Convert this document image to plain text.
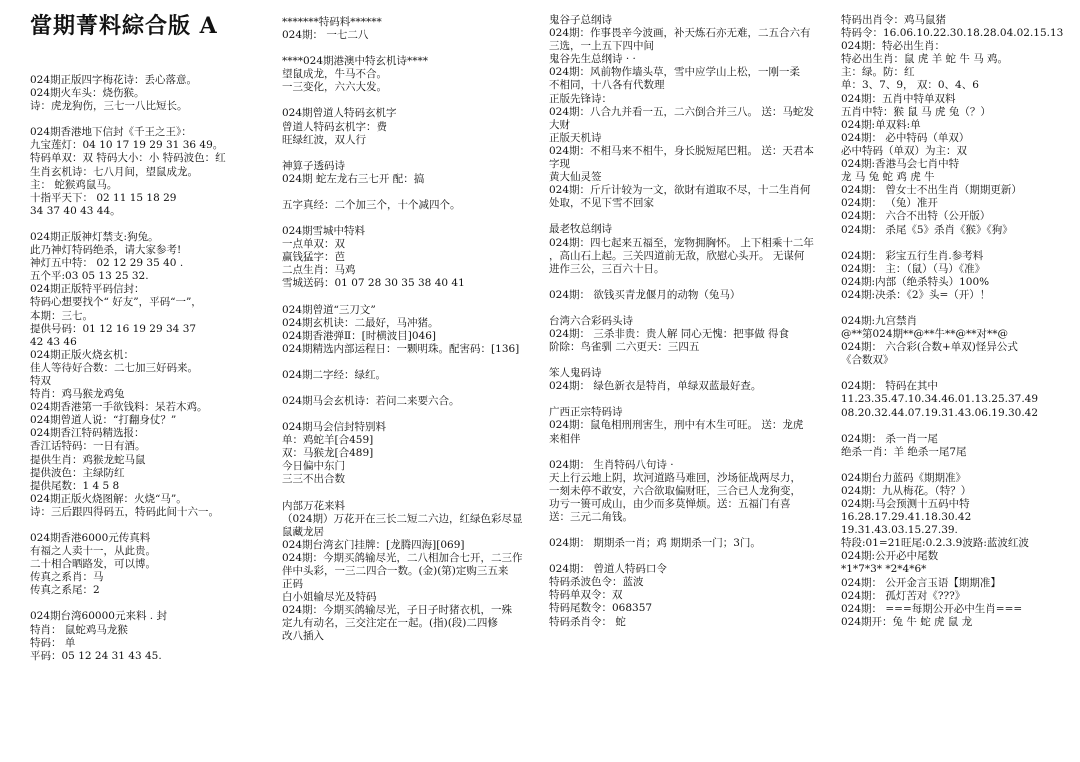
當期菁料綜合版 A
024期正版四字梅花诗：丢心落意。
024期火车头：烧伤猴。
诗：虎龙狗伤，三七一八比短长。
024期香港地下信封《千王之王》：
九宝莲灯：04 10 17 19 29 31 36 49。
特码单双：双 特码大小：小 特码波色：红
生肖玄机诗：七八月间，望鼠成龙。
主： 蛇猴鸡鼠马。
十指平天下： 02 11 15 18 29
34 37 40 43 44。
024期正版神灯禁支:狗兔。
此乃神灯特码绝杀，请大家参考!
神灯五中特： 02 12 29 35 40 .
五个平:03 05 13 25 32.
024期正版特平码信封：
特码心想要找个“ 好友”，平码“一”，
本期：三七。
提供号码：01 12 16 19 29 34 37
42 43 46
024期正版火烧玄机：
佳人等待好合数：二七加三好码来。
特双
特肖：鸡马猴龙鸡兔
024期香港第一手欲钱料：呆若木鸡。
024期曾道人说：“打翻身仗？”
024期香江特码精选报：
香江话特码：一日有酒。
提供生肖：鸡猴龙蛇马鼠
提供波色：主绿防红
提供尾数：1 4 5 8
024期正版火烧图解：火烧“马”。
诗：三后跟四得码五，特码此间十六一。
024期香港6000元传真料
有福之人卖十一，从此贵。
二十相合晒路发，可以博。
传真之系肖：马
传真之系尾：2
024期台湾60000元来料 . 封
特肖： 鼠蛇鸡马龙猴
特码： 单
平码：05 12 24 31 43 45.
*******特码料******
024期： 一七二八
****024期港澳中特玄机诗****
望鼠成龙，牛马不合。
一三变化，六六大发。
024期曾道人特码玄机字
曾道人特码玄机字：费
旺绿红波，双人行
神算子透码诗
024期 蛇左龙右三七开 配：搞
五字真经：二个加三个，十个减四个。
024期雪城中特料
一点单双：双
赢钱猛字：芭
二点生肖：马鸡
雪城送码：01 07 28 30 35 38 40 41
024期曾道“三刀文”
024期玄机诀：二最好，马冲猪。
024期香港弹Ⅱ：[时横波目]046]
024期精选内部运程日：一颗明珠。配害码：[136]
024期二字经：绿红。
024期马会玄机诗：若问二来要六合。
024期马会信封特别料
单：鸡蛇羊[合459]
双：马猴龙[合489]
今日偏中东门
三三不出合数
内部万花来料
（024期）万花开在三长二短二六边，红绿色彩尽显
鼠藏龙居
024期台湾玄门挂牌：[龙腾四海][069]
024期：今期买鸽输尽光，二八相加合七开，二三作
伴中头彩，一三二四合一数。(金)(第)定购三五来
正码
白小姐输尽光及特码
024期：今期买鸽输尽光，子日子时猪衣机，一殊
定九有动名，三交注定在一起。(指)(段)二四修
改八插入
鬼谷子总纲诗
024期：作事畏辛今波画，补天炼石亦无难，二五合六有
三选，一上五下四中间
鬼谷先生总纲诗 · ·
024期：风前物作墙头草，雪中应学山上松，一刚一柔
不相同，十八各有代数理
正版先锋诗：
024期：八合九并看一五，二六倒合并三八。 送：马蛇发
大财
正版天机诗
024期：不相马来不相牛，身长脱短尾巴粗。 送：天君本
字现
黄大仙灵签
024期：斤斤计较为一文，欲財有道取不尽，十二生肖何
处取，不见下雪不回家
最老牧总纲诗
024期：四七起来五福至，宠物拥胸怀。 上下相乘十二年
，高山石上起。三关四道前无敌，欣慰心头开。 无谋何
进作三公，三百六十日。
024期： 欲钱买青龙偃月的动物（兔马）
台湾六合彩码头诗
024期： 三杀非贵：贵人解 同心无愧：把事做 得食
阶除：鸟雀驯 二六更天：三四五
笨人鬼码诗
024期： 绿色新衣是特肖，单绿双蓝最好查。
广西正宗特码诗
024期：鼠龟相刑刑害生，刑中有木生可旺。 送：龙虎
来相伴
024期： 生肖特码八句诗 ·
天上行云地上阴，坎河道路马难回，沙场征战两尽力，
一刻未停不敢安，六合欲取偏财旺，三合已人龙狗变，
功亏一篑可成山，由少而多莫惮烦。送：五福门有喜
送：三元二角钱。
024期： 期期杀一肖；鸡 期期杀一门；3门。
024期： 曾道人特码口令
特码杀波色令：蓝波
特码单双令：双
特码尾数令：068357
特码杀肖令： 蛇
特码出肖令：鸡马鼠猪
特码令：16.06.10.22.30.18.28.04.02.15.13
024期：特必出生肖：
特必出生肖：鼠 虎 羊 蛇 牛 马 鸡。
主：绿。防：红
单：3、7、9， 双：0、4、6
024期：五肖中特单双料
五肖中特：猴 鼠 马 虎 兔（？）
024期:单双料:单
024期： 必中特码（单双）
必中特码（单双）为主：双
024期:香港马会七肖中特
龙 马 兔 蛇 鸡 虎 牛
024期： 曾女士不出生肖（期期更新）
024期： （兔）准开
024期： 六合不出特（公开版）
024期： 杀尾《5》杀肖《猴》《狗》
024期： 彩宝五行生肖.参考料
024期： 主：（鼠）（马）《准》
024期:内部（绝杀特头）100%
024期:决杀：《2》头=（开）！
024期:九宫禁肖
@**第024期**@**牛**@**对**@
024期： 六合彩(合数+单双)怪异公式
《合数双》
024期： 特码在其中
11.23.35.47.10.34.46.01.13.25.37.49
08.20.32.44.07.19.31.43.06.19.30.42
024期： 杀一肖一尾
绝杀一肖：羊 绝杀一尾7尾
024期台力蓝码《期期准》
024期：九从梅花。（特？）
024期:马会预测十五码中特
16.28.17.29.41.18.30.42
19.31.43.03.15.27.39.
特段:01=21旺尾:0.2.3.9波路:蓝波红波
024期:公开必中尾数
*1*7*3* *2*4*6*
024期： 公开金言玉语【期期准】
024期： 孤灯苦对《???》
024期： ===每期公开必中生肖===
024期开：兔 牛 蛇 虎 鼠 龙
